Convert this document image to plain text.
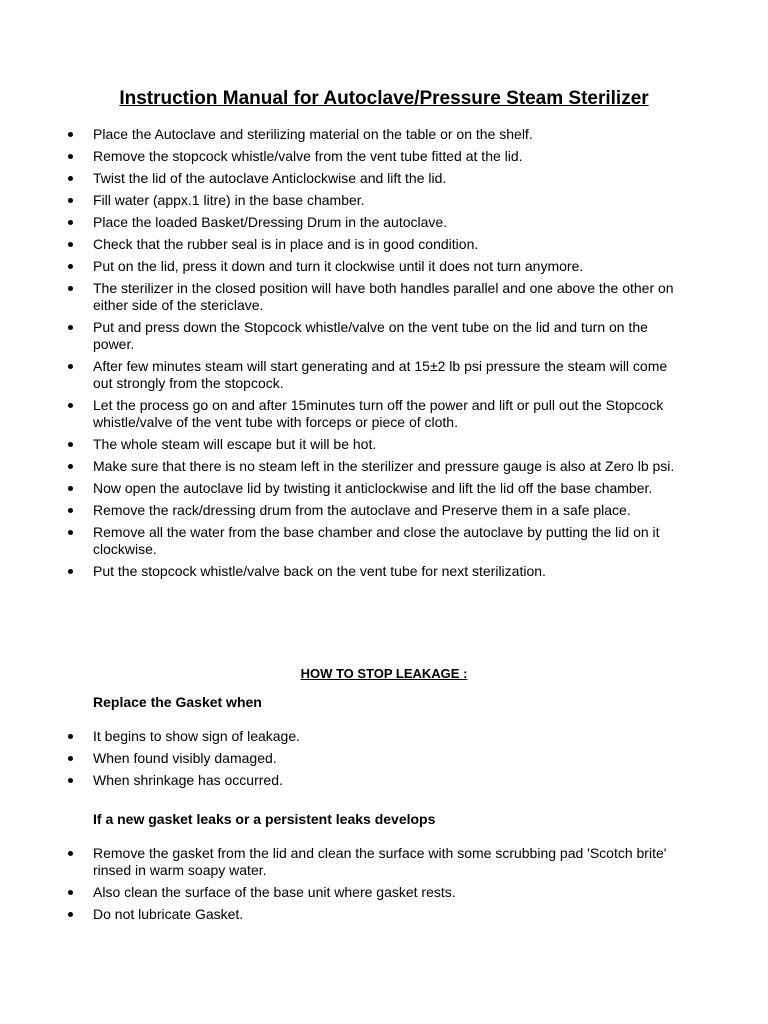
Instruction Manual for Autoclave/Pressure Steam Sterilizer
Place the Autoclave and sterilizing material on the table or on the shelf.
Remove the stopcock whistle/valve from the vent tube fitted at the lid.
Twist the lid of the autoclave Anticlockwise and lift the lid.
Fill water (appx.1 litre) in the base chamber.
Place the loaded Basket/Dressing Drum in the autoclave.
Check that the rubber seal is in place and is in good condition.
Put on the lid, press it down and turn it clockwise until it does not turn anymore.
The sterilizer in the closed position will have both handles parallel and one above the other on either side of the stericlave.
Put and press down the Stopcock whistle/valve on the vent tube on the lid and turn on the power.
After few minutes steam will start generating and at 15±2 lb psi pressure the steam will come out strongly from the stopcock.
Let the process go on and after 15minutes turn off the power and lift or pull out the Stopcock whistle/valve of the vent tube with forceps or piece of cloth.
The whole steam will escape but it will be hot.
Make sure that there is no steam left in the sterilizer and pressure gauge is also at Zero lb psi.
Now open the autoclave lid by twisting it anticlockwise and lift the lid off the base chamber.
Remove the rack/dressing drum from the autoclave and Preserve them in a safe place.
Remove all the water from the base chamber and close the autoclave by putting the lid on it clockwise.
Put the stopcock whistle/valve back on the vent tube for next sterilization.
HOW TO STOP LEAKAGE :
Replace the Gasket when
It begins to show sign of leakage.
When found visibly damaged.
When shrinkage has occurred.
If a new gasket leaks or a persistent leaks develops
Remove the gasket from the lid and clean the surface with some scrubbing pad 'Scotch brite' rinsed in warm soapy water.
Also clean the surface of the base unit where gasket rests.
Do not lubricate Gasket.
